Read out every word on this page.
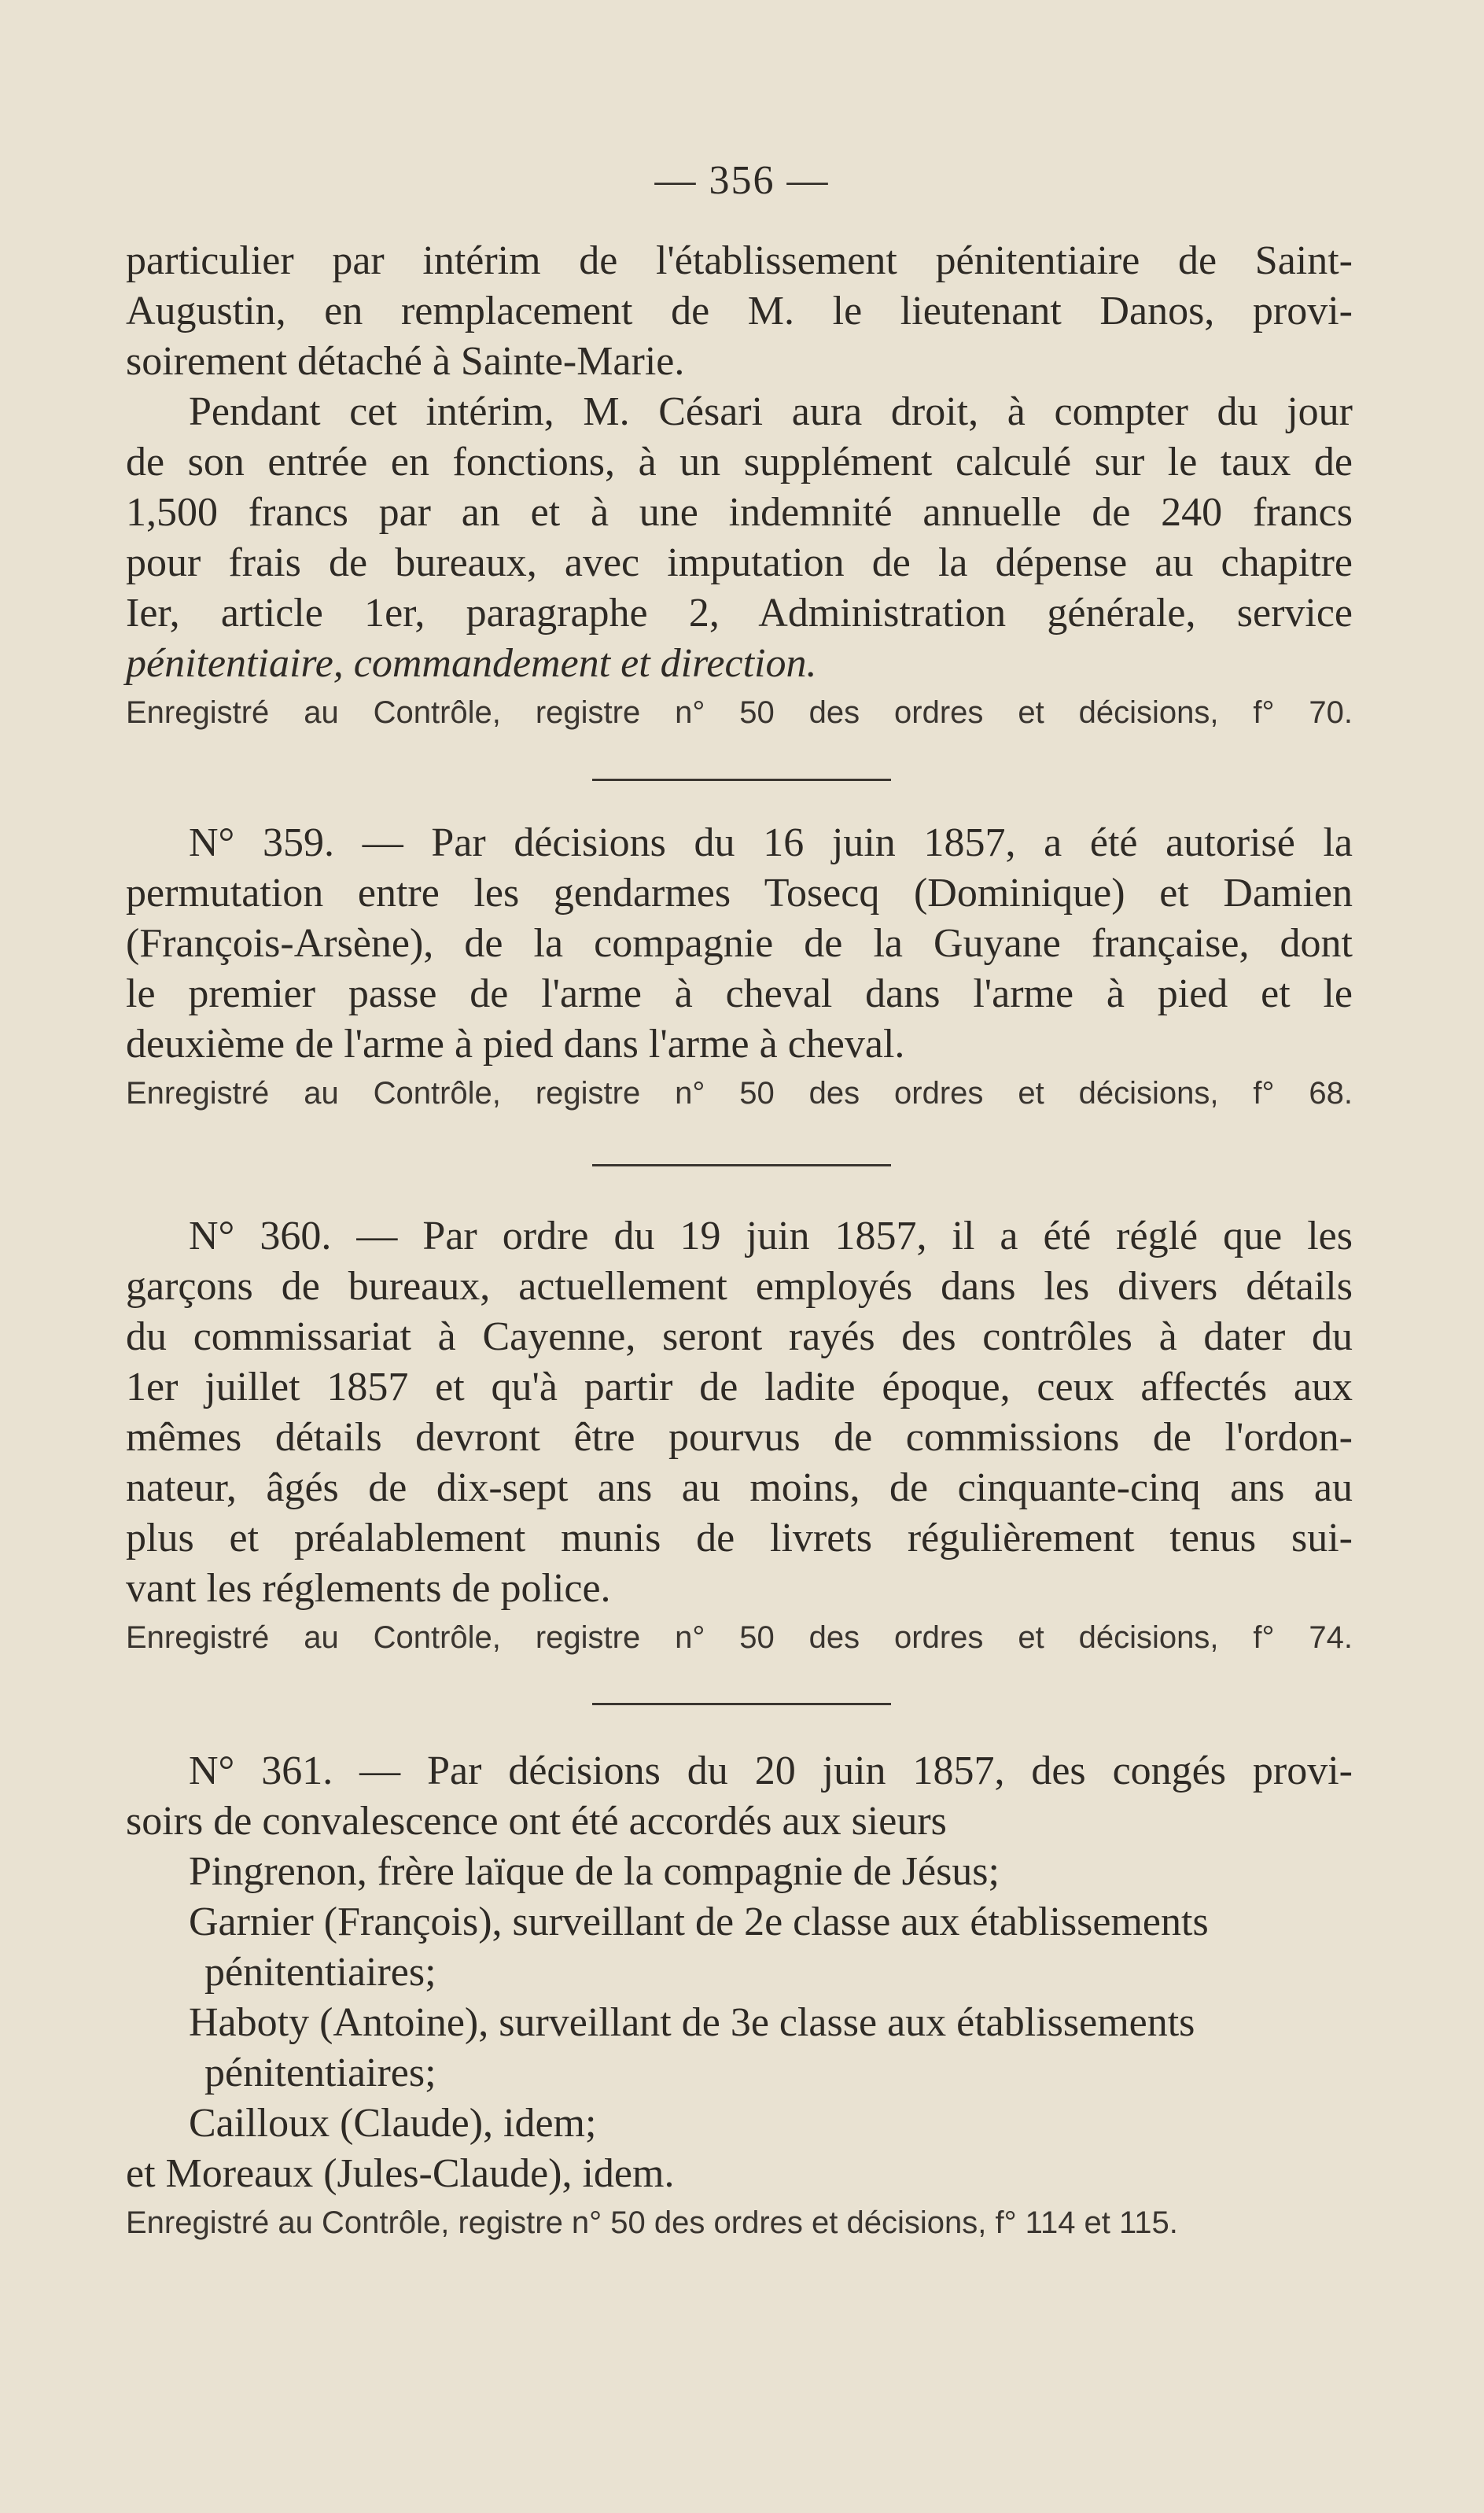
— 356 —

particulier par intérim de l'établissement pénitentiaire de Saint-

Augustin, en remplacement de M. le lieutenant Danos, provi-

soirement détaché à Sainte-Marie.

Pendant cet intérim, M. Césari aura droit, à compter du jour

de son entrée en fonctions, à un supplément calculé sur le taux de

1,500 francs par an et à une indemnité annuelle de 240 francs

pour frais de bureaux, avec imputation de la dépense au chapitre

Ier, article 1er, paragraphe 2, Administration générale, service

pénitentiaire, commandement et direction.

Enregistré au Contrôle, registre n° 50 des ordres et décisions, f° 70.

N° 359. — Par décisions du 16 juin 1857, a été autorisé la

permutation entre les gendarmes Tosecq (Dominique) et Damien

(François-Arsène), de la compagnie de la Guyane française, dont

le premier passe de l'arme à cheval dans l'arme à pied et le

deuxième de l'arme à pied dans l'arme à cheval.

Enregistré au Contrôle, registre n° 50 des ordres et décisions, f° 68.

N° 360. — Par ordre du 19 juin 1857, il a été réglé que les

garçons de bureaux, actuellement employés dans les divers détails

du commissariat à Cayenne, seront rayés des contrôles à dater du

1er juillet 1857 et qu'à partir de ladite époque, ceux affectés aux

mêmes détails devront être pourvus de commissions de l'ordon-

nateur, âgés de dix-sept ans au moins, de cinquante-cinq ans au

plus et préalablement munis de livrets régulièrement tenus sui-

vant les réglements de police.

Enregistré au Contrôle, registre n° 50 des ordres et décisions, f° 74.

N° 361. — Par décisions du 20 juin 1857, des congés provi-

soirs de convalescence ont été accordés aux sieurs

Pingrenon, frère laïque de la compagnie de Jésus;

Garnier (François), surveillant de 2e classe aux établissements

pénitentiaires;

Haboty (Antoine), surveillant de 3e classe aux établissements

pénitentiaires;

Cailloux (Claude), idem;

et Moreaux (Jules-Claude), idem.

Enregistré au Contrôle, registre n° 50 des ordres et décisions, f° 114 et 115.
